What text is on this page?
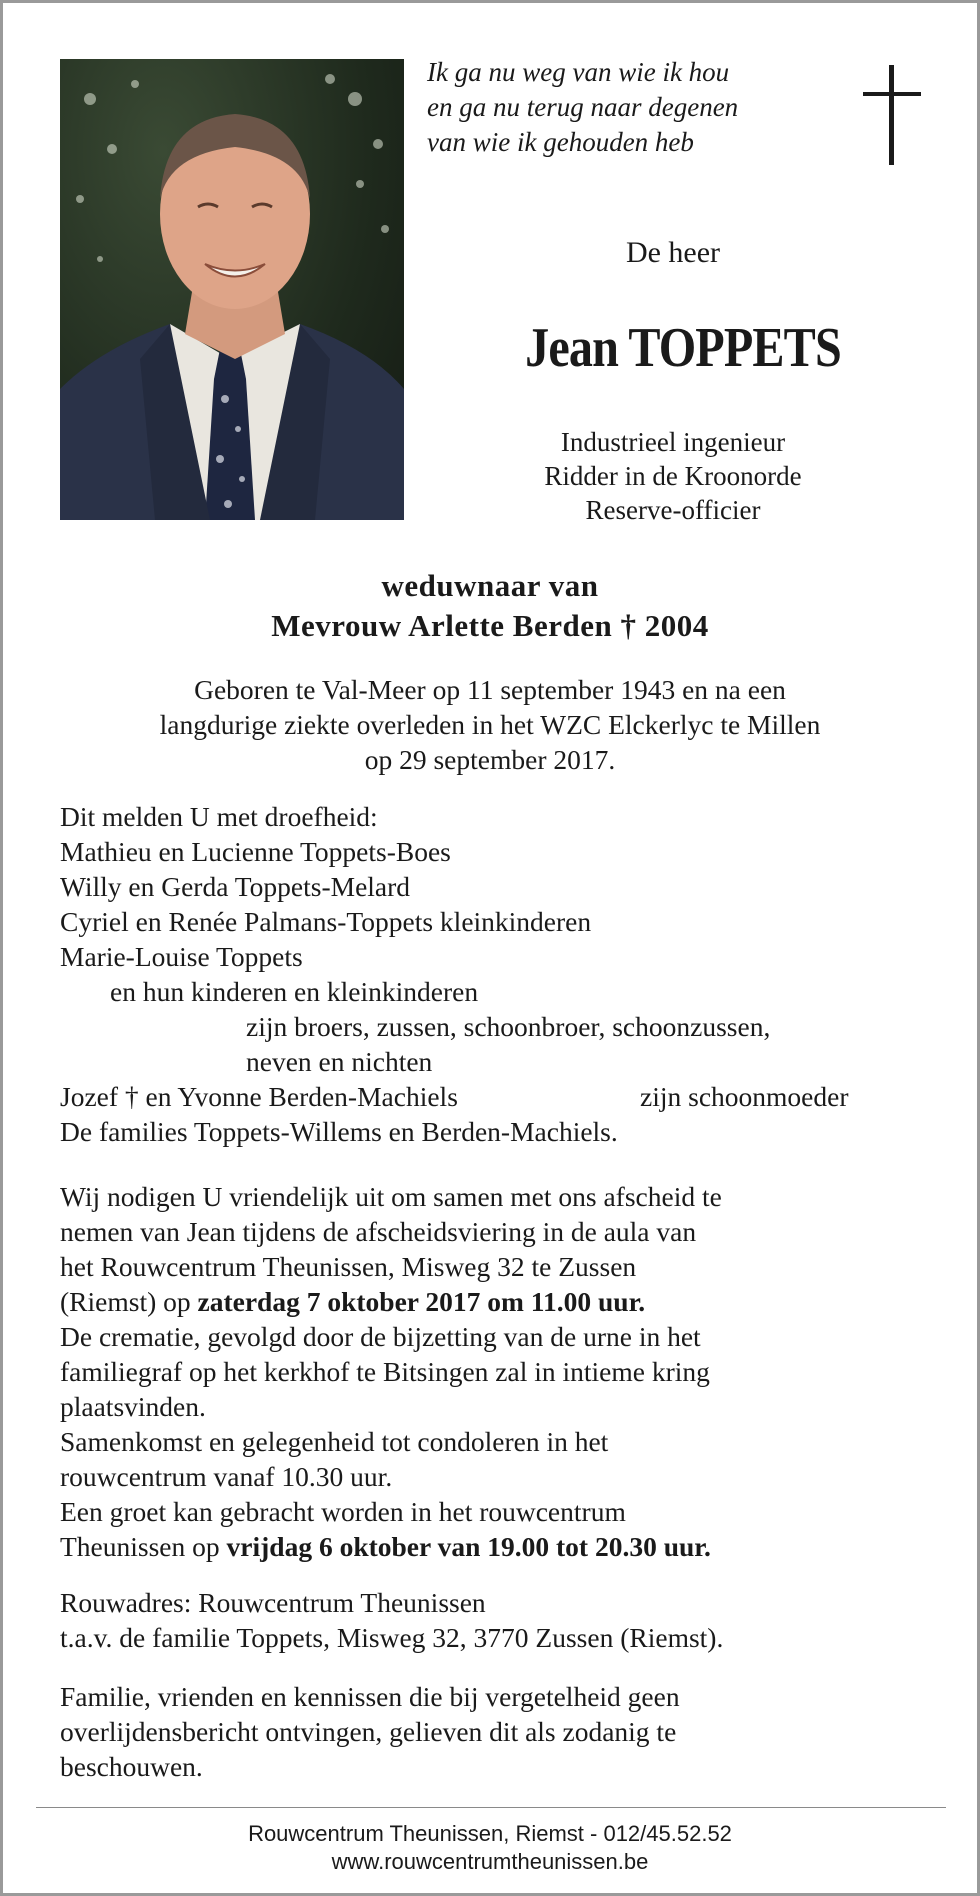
Ik ga nu weg van wie ik hou
en ga nu terug naar degenen
van wie ik gehouden heb
De heer
Jean TOPPETS
Industrieel ingenieur
Ridder in de Kroonorde
Reserve-officier
weduwnaar van
Mevrouw Arlette Berden † 2004
Geboren te Val-Meer op 11 september 1943 en na een
langdurige ziekte overleden in het WZC Elckerlyc te Millen
op 29 september 2017.
Dit melden U met droefheid:
Mathieu en Lucienne Toppets-Boes
Willy en Gerda Toppets-Melard
Cyriel en Renée Palmans-Toppets kleinkinderen
Marie-Louise Toppets
en hun kinderen en kleinkinderen
zijn broers, zussen, schoonbroer, schoonzussen,
neven en nichten
Jozef † en Yvonne Berden-Machiels	zijn schoonmoeder
De families Toppets-Willems en Berden-Machiels.
Wij nodigen U vriendelijk uit om samen met ons afscheid te
nemen van Jean tijdens de afscheidsviering in de aula van
het Rouwcentrum Theunissen, Misweg 32 te Zussen
(Riemst) op zaterdag 7 oktober 2017 om 11.00 uur.
De crematie, gevolgd door de bijzetting van de urne in het
familiegraf op het kerkhof te Bitsingen zal in intieme kring
plaatsvinden.
Samenkomst en gelegenheid tot condoleren in het
rouwcentrum vanaf 10.30 uur.
Een groet kan gebracht worden in het rouwcentrum
Theunissen op vrijdag 6 oktober van 19.00 tot 20.30 uur.
Rouwadres: Rouwcentrum Theunissen
t.a.v. de familie Toppets, Misweg 32, 3770 Zussen (Riemst).
Familie, vrienden en kennissen die bij vergetelheid geen
overlijdensbericht ontvingen, gelieven dit als zodanig te
beschouwen.
Rouwcentrum Theunissen, Riemst - 012/45.52.52
www.rouwcentrumtheunissen.be
